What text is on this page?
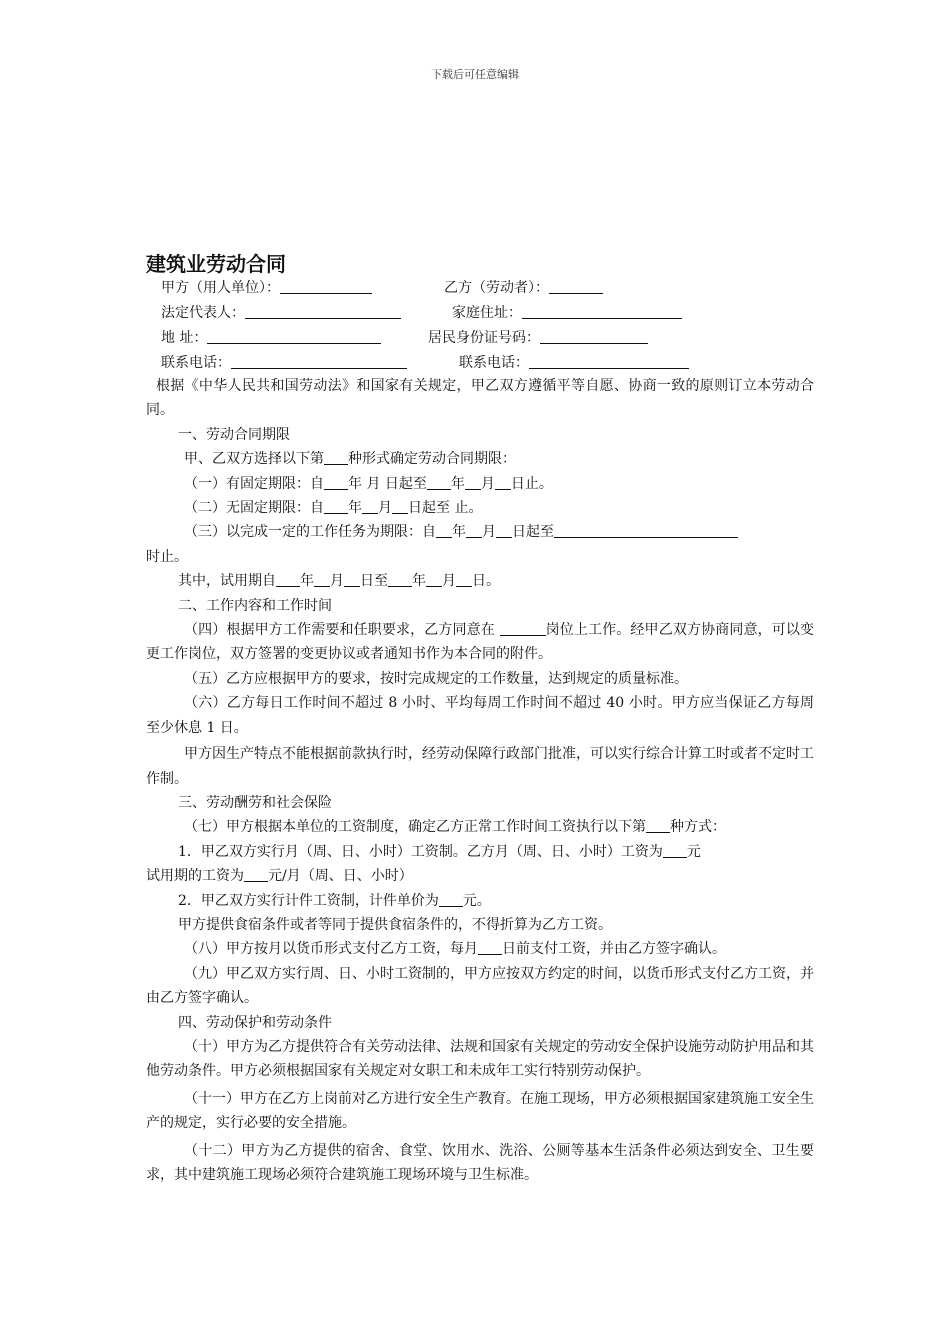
下载后可任意编辑
建筑业劳动合同
甲方（用人单位）：	乙方（劳动者）：
法定代表人：	家庭住址：
地 址：	居民身份证号码：
联系电话：	联系电话：

根据《中华人民共和国劳动法》和国家有关规定，甲乙双方遵循平等自愿、协商一致的原则订立本劳动合同。

一、劳动合同期限

甲、乙双方选择以下第 种形式确定劳动合同期限：

（一）有固定期限：自 年 月 日起至 年 月 日止。

（二）无固定期限：自 年 月 日起至 止。

（三）以完成一定的工作任务为期限：自 年 月 日起至

时止。

其中，试用期自 年 月 日至 年 月 日。

二、工作内容和工作时间

（四）根据甲方工作需要和任职要求，乙方同意在	岗位上工作。经甲乙双方协商同意，可以变更工作岗位，双方签署的变更协议或者通知书作为本合同的附件。

（五）乙方应根据甲方的要求，按时完成规定的工作数量，达到规定的质量标准。

（六）乙方每日工作时间不超过 8 小时、平均每周工作时间不超过 40 小时。甲方应当保证乙方每周至少休息 1 日。

甲方因生产特点不能根据前款执行时，经劳动保障行政部门批准，可以实行综合计算工时或者不定时工作制。

三、劳动酬劳和社会保险

（七）甲方根据本单位的工资制度，确定乙方正常工作时间工资执行以下第 种方式：

1．甲乙双方实行月（周、日、小时）工资制。乙方月（周、日、小时）工资为 元

试用期的工资为 元/月（周、日、小时）

2．甲乙双方实行计件工资制，计件单价为 元。

甲方提供食宿条件或者等同于提供食宿条件的，不得折算为乙方工资。

（八）甲方按月以货币形式支付乙方工资，每月 日前支付工资，并由乙方签字确认。

（九）甲乙双方实行周、日、小时工资制的，甲方应按双方约定的时间，以货币形式支付乙方工资，并由乙方签字确认。

四、劳动保护和劳动条件

（十）甲方为乙方提供符合有关劳动法律、法规和国家有关规定的劳动安全保护设施劳动防护用品和其他劳动条件。甲方必须根据国家有关规定对女职工和未成年工实行特别劳动保护。

（十一）甲方在乙方上岗前对乙方进行安全生产教育。在施工现场，甲方必须根据国家建筑施工安全生产的规定，实行必要的安全措施。

（十二）甲方为乙方提供的宿舍、食堂、饮用水、洗浴、公厕等基本生活条件必须达到安全、卫生要求，其中建筑施工现场必须符合建筑施工现场环境与卫生标准。
